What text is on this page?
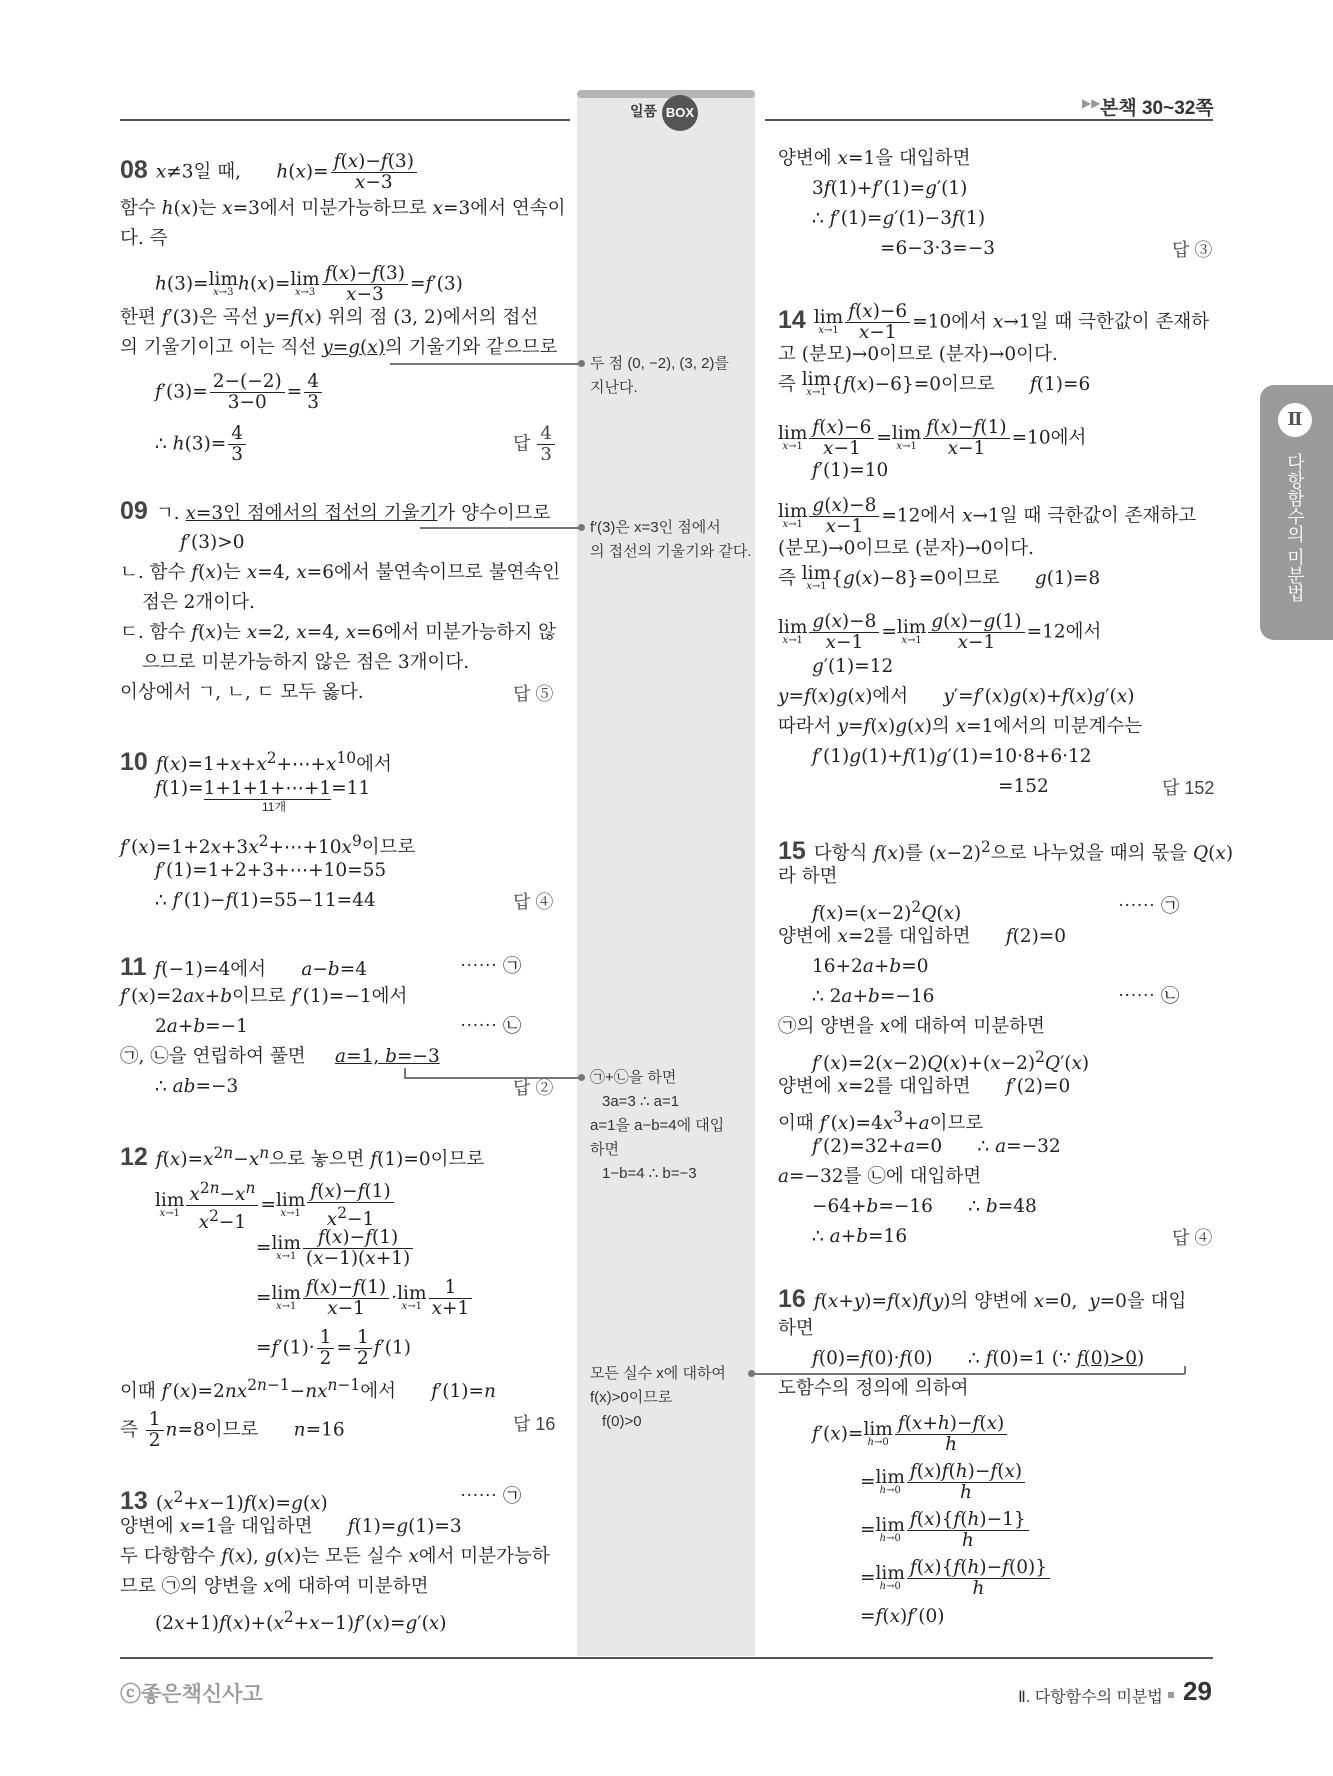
일품 BOX
▶▶ 본책 30~32쪽
Ⅱ
다항함수의 미분법
08 x≠3일 때,      $h(x)= \frac{f(x)-f(3)}{x-3}$
함수 h(x)는 x=3에서 미분가능하므로 x=3에서 연속이
다. 즉
h(3)=lim
x→3 h(x)=lim
$x\to 3 \frac{f(x)-f(3)}{x-3} =f'(3)$
한편 f′(3)은 곡선 y=f(x) 위의 점 (3, 2)에서의 접선
의 기울기이고 이는 직선 y=g(x)의 기울기와 같으므로
$f'(3)= \frac{2-(-2)}{3-0} = \frac{4}{3}$
∴ $h(3)= \frac{4}{3}$	답 $\frac{4}{3}$
09 ㄱ. x=3인 점에서의 접선의 기울기가 양수이므로
f′(3)>0
ㄴ. 함수 f(x)는 x=4, x=6에서 불연속이므로 불연속인
점은 2개이다.
ㄷ. 함수 f(x)는 x=2, x=4, x=6에서 미분가능하지 않
으므로 미분가능하지 않은 점은 3개이다.
이상에서 ㄱ, ㄴ, ㄷ 모두 옳다.	답 ⑤
10 $f(x)=1+x+x^2+\cdots+x^{10}$에서
f(1)=1+1+1+⋯+1=11
11개
$f'(x)=1+2x+3x^2+\cdots+10x^9$이므로
f′(1)=1+2+3+⋯+10=55
∴ f′(1)−f(1)=55−11=44	답 ④
11 f(−1)=4에서      a−b=4	⋯⋯ ㉠
f′(x)=2ax+b이므로 f′(1)=−1에서
2a+b=−1	⋯⋯ ㉡
㉠, ㉡을 연립하여 풀면     a=1, b=−3
∴ ab=−3	답 ②
12 $f(x)=x^{2n}-x^n$으로 놓으면 f(1)=0이므로
lim
$x\to 1 \frac{x^{2n}-x^n}{x^2-1} =\lim$
$x\to 1 \frac{f(x)-f(1)}{x^2-1}$
=lim
$x\to 1 \frac{f(x)-f(1)}{(x-1)(x+1)}$
=lim
$x\to 1 \frac{f(x)-f(1)}{x-1} \cdot\lim$
$x\to 1 \frac{1}{x+1}$
$=f'(1)\cdot \frac{1}{2} = \frac{1}{2} f'(1)$
이때 $f'(x)=2nx^{2n-1}-nx^{n-1}$에서      f′(1)=n
즉 $\frac{1}{2} n=8$이므로      n=16	답 16
13 $(x^2+x-1)f(x)=g(x)$	⋯⋯ ㉠
양변에 x=1을 대입하면      f(1)=g(1)=3
두 다항함수 f(x), g(x)는 모든 실수 x에서 미분가능하
므로 ㉠의 양변을 x에 대하여 미분하면
$(2x+1)f(x)+(x^2+x-1)f'(x)=g'(x)$
양변에 x=1을 대입하면
3f(1)+f′(1)=g′(1)
∴ f′(1)=g′(1)−3f(1)
=6−3·3=−3	답 ③
14 lim
$x\to 1 \frac{f(x)-6}{x-1} =10$에서 x→1일 때 극한값이 존재하
고 (분모)→0이므로 (분자)→0이다.
즉 lim
x→1 {f(x)−6}=0이므로      f(1)=6
lim
$x\to 1 \frac{f(x)-6}{x-1} =\lim$
$x\to 1 \frac{f(x)-f(1)}{x-1} =10$에서
f′(1)=10
lim
$x\to 1 \frac{g(x)-8}{x-1} =12$에서 x→1일 때 극한값이 존재하고
(분모)→0이므로 (분자)→0이다.
즉 lim
x→1 {g(x)−8}=0이므로      g(1)=8
lim
$x\to 1 \frac{g(x)-8}{x-1} =\lim$
$x\to 1 \frac{g(x)-g(1)}{x-1} =12$에서
g′(1)=12
y=f(x)g(x)에서      y′=f′(x)g(x)+f(x)g′(x)
따라서 y=f(x)g(x)의 x=1에서의 미분계수는
f′(1)g(1)+f(1)g′(1)=10·8+6·12
=152	답 152
15 다항식 f(x)를 $(x-2)^2$으로 나누었을 때의 몫을 Q(x)
라 하면
$f(x)=(x-2)^2Q(x)$	⋯⋯ ㉠
양변에 x=2를 대입하면      f(2)=0
16+2a+b=0
∴ 2a+b=−16	⋯⋯ ㉡
㉠의 양변을 x에 대하여 미분하면
$f'(x)=2(x-2)Q(x)+(x-2)^2Q'(x)$
양변에 x=2를 대입하면      f′(2)=0
이때 $f'(x)=4x^3+a$이므로
f′(2)=32+a=0      ∴ a=−32
a=−32를 ㉡에 대입하면
−64+b=−16      ∴ b=48
∴ a+b=16	답 ④
16 f(x+y)=f(x)f(y)의 양변에 x=0,  y=0을 대입
하면
f(0)=f(0)·f(0)      ∴ f(0)=1 (∵ f(0)>0)
도함수의 정의에 의하여
f′(x)=lim
$h\to 0 \frac{f(x+h)-f(x)}{h}$
=lim
$h\to 0 \frac{f(x)f(h)-f(x)}{h}$
=lim
$h\to 0 \frac{f(x)\{f(h)-1\}}{h}$
=lim
$h\to 0 \frac{f(x)\{f(h)-f(0)\}}{h}$
=f(x)f′(0)
두 점 (0, −2), (3, 2)를
지난다.
f′(3)은 x=3인 점에서
의 접선의 기울기와 같다.
㉠+㉡을 하면
3a=3 ∴ a=1
a=1을 a−b=4에 대입
하면
1−b=4 ∴ b=−3
모든 실수 x에 대하여
f(x)>0이므로
f(0)>0
ⓒ좋은책신사고	Ⅱ. 다항함수의 미분법 29
